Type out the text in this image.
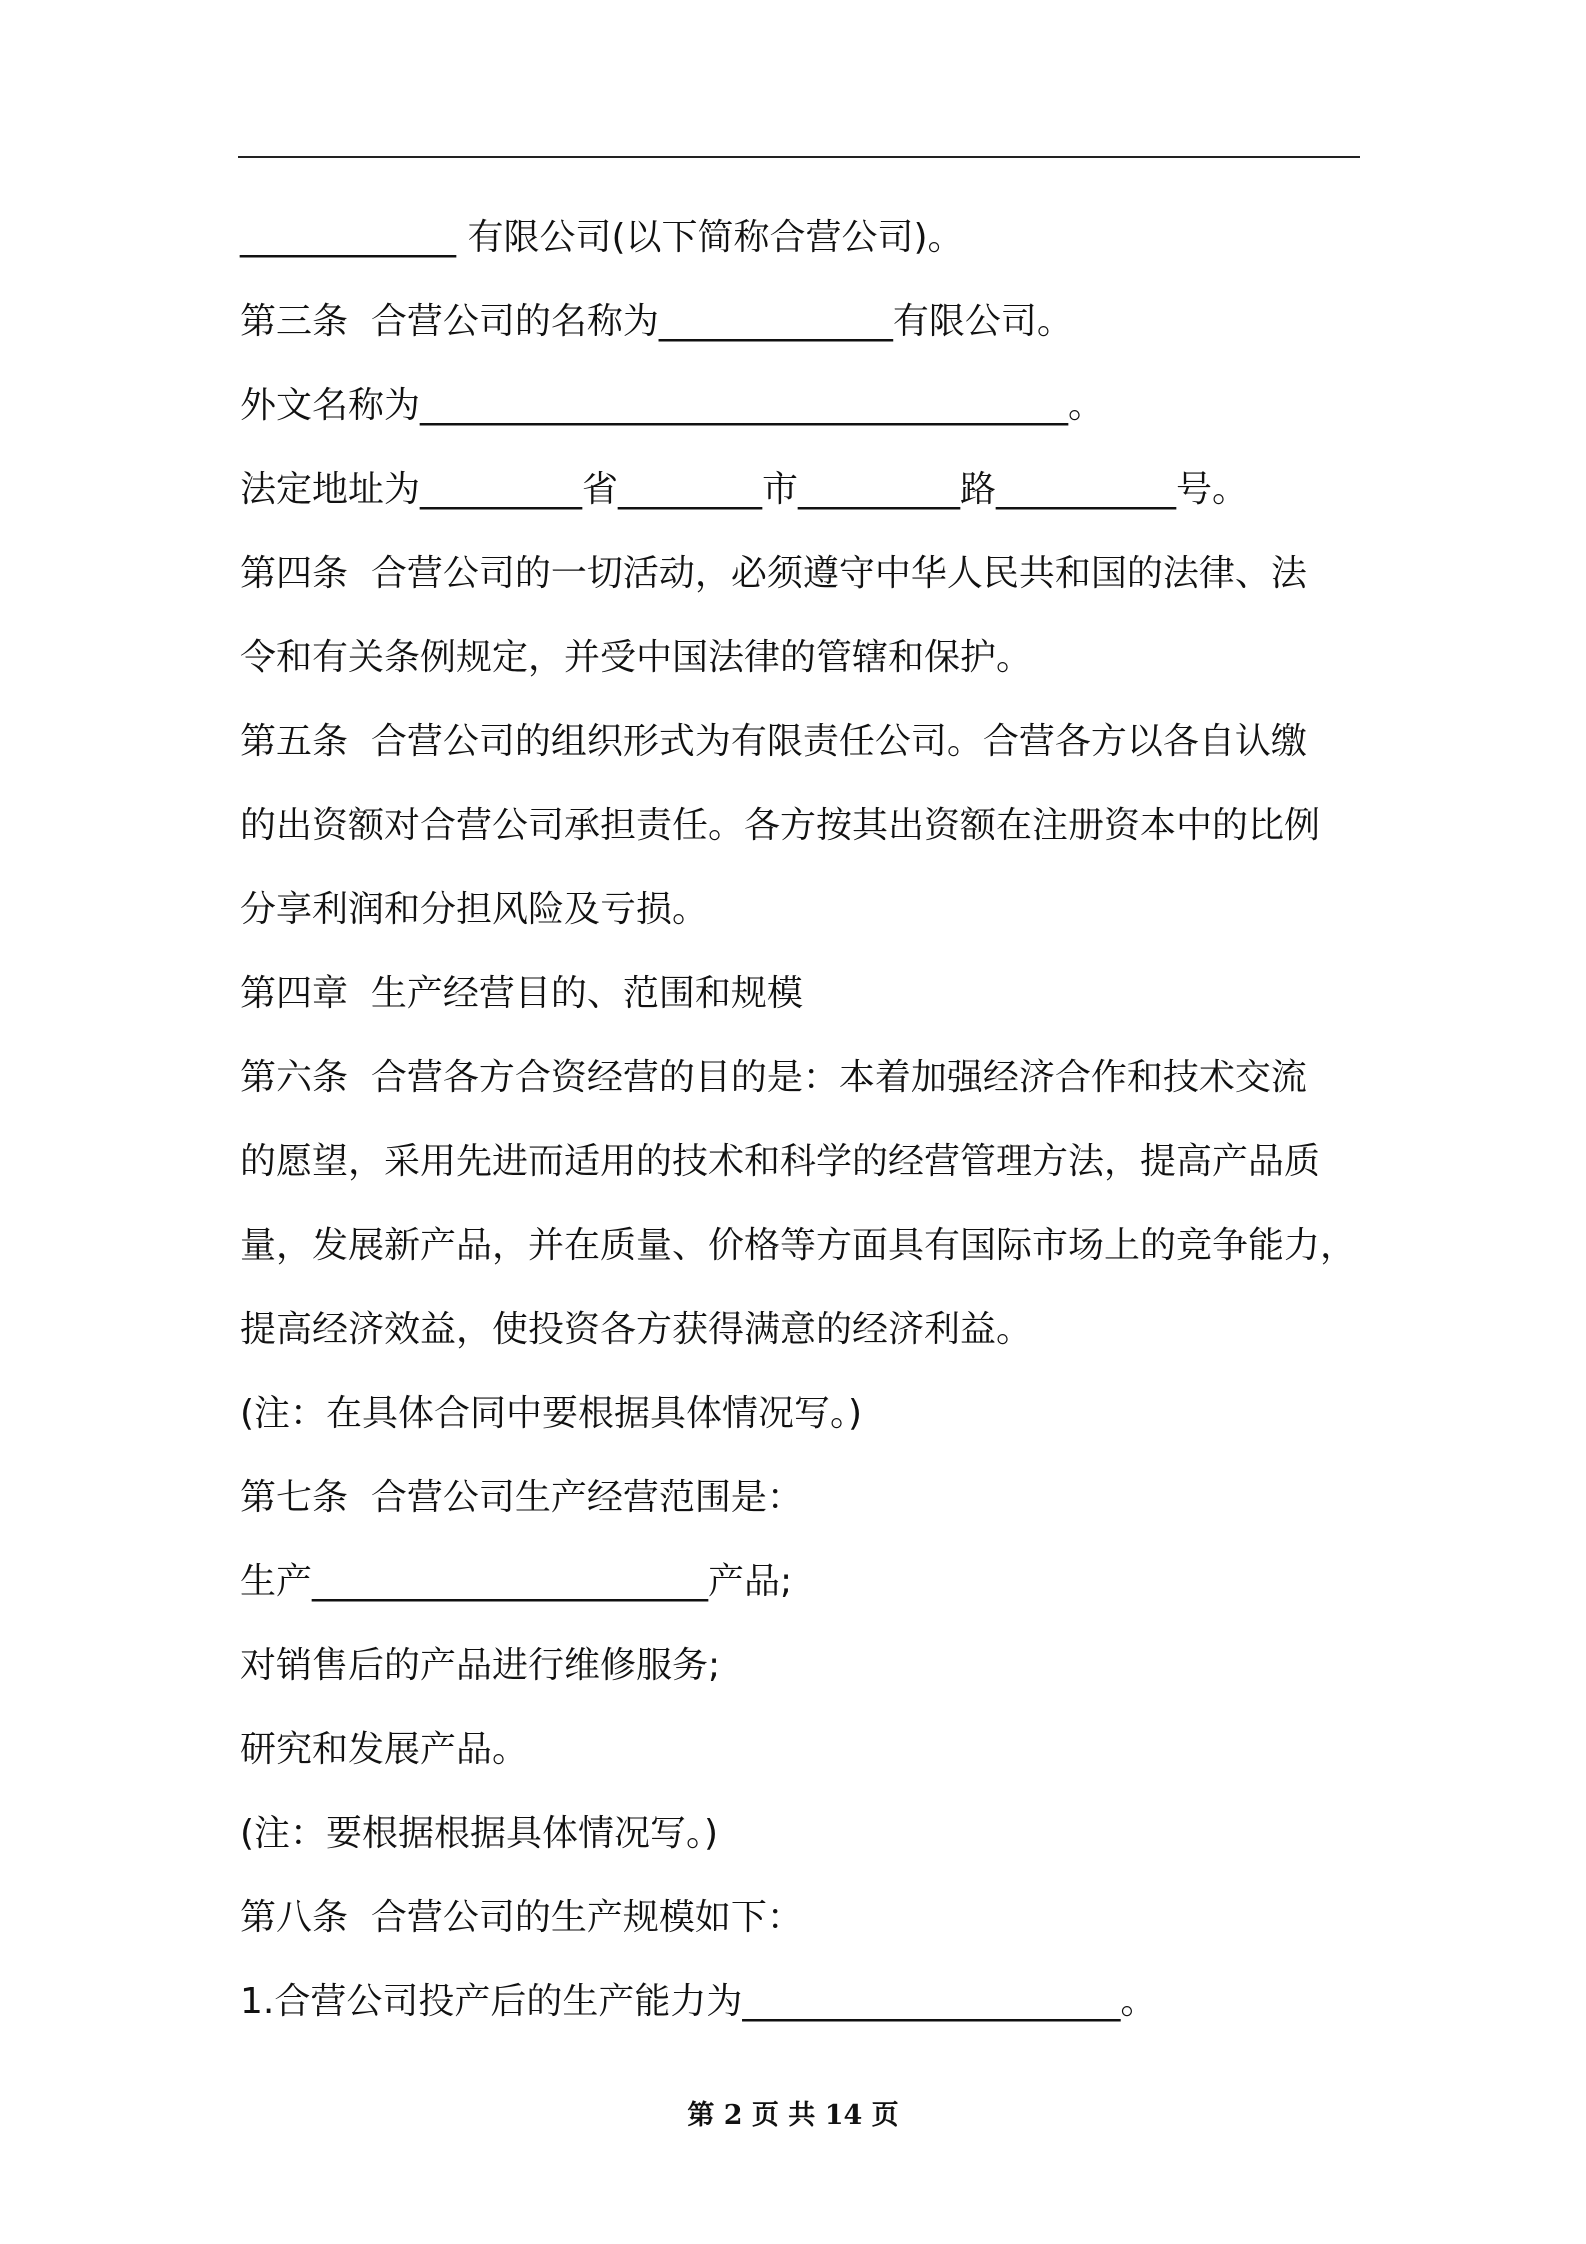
____________ 有限公司(以下简称合营公司)。
第三条  合营公司的名称为_____________有限公司。
外文名称为____________________________________。
法定地址为_________省________市_________路__________号。
第四条  合营公司的一切活动，必须遵守中华人民共和国的法律、法
令和有关条例规定，并受中国法律的管辖和保护。
第五条  合营公司的组织形式为有限责任公司。合营各方以各自认缴
的出资额对合营公司承担责任。各方按其出资额在注册资本中的比例
分享利润和分担风险及亏损。
第四章  生产经营目的、范围和规模
第六条  合营各方合资经营的目的是：本着加强经济合作和技术交流
的愿望，采用先进而适用的技术和科学的经营管理方法，提高产品质
量，发展新产品，并在质量、价格等方面具有国际市场上的竞争能力，
提高经济效益，使投资各方获得满意的经济利益。
(注：在具体合同中要根据具体情况写。)
第七条  合营公司生产经营范围是：
生产______________________产品;
对销售后的产品进行维修服务;
研究和发展产品。
(注：要根据根据具体情况写。)
第八条  合营公司的生产规模如下：
1.合营公司投产后的生产能力为_____________________。
第 2 页 共 14 页
